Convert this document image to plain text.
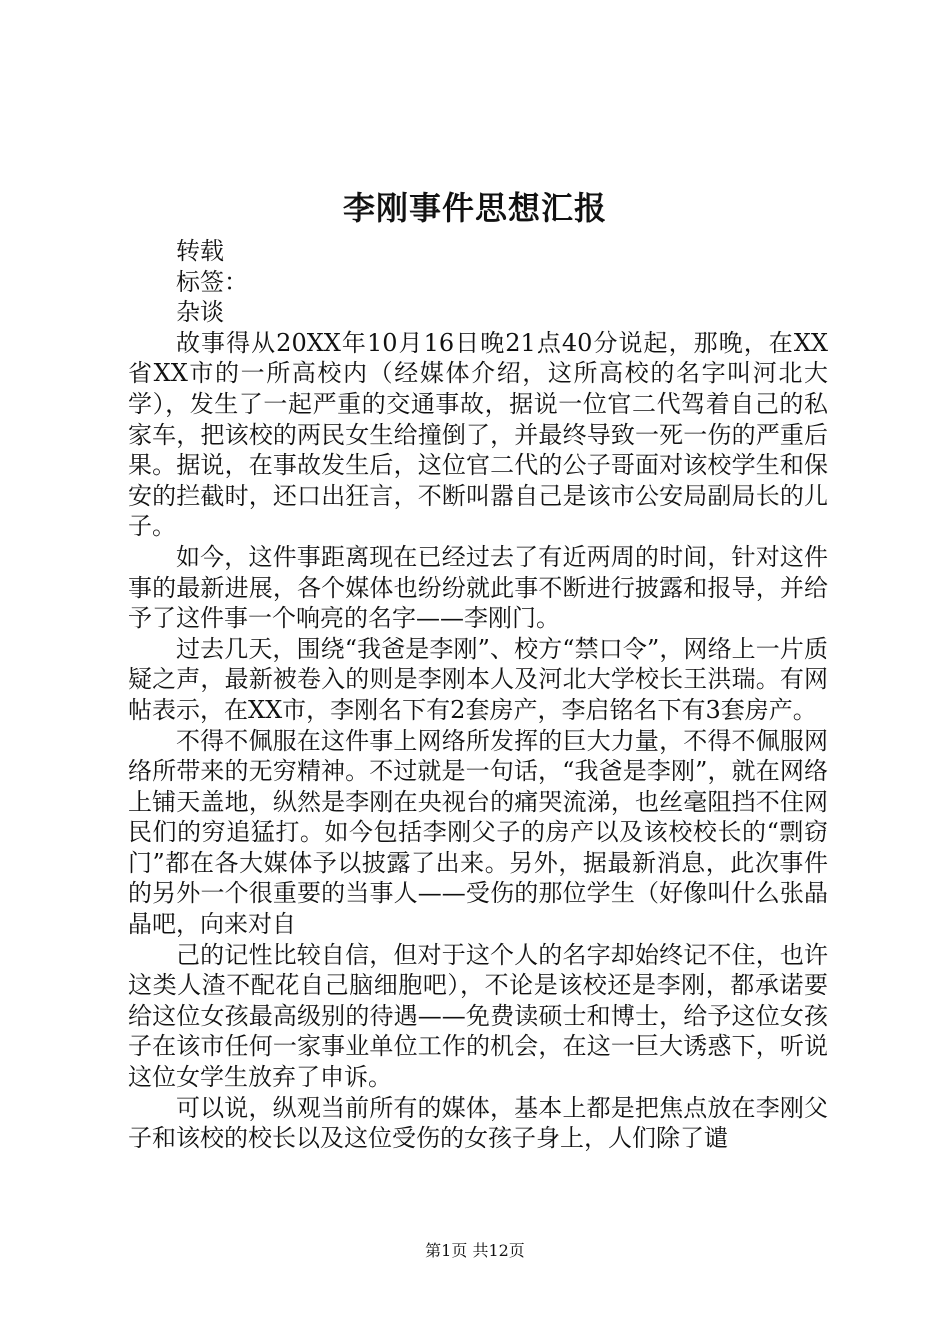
李刚事件思想汇报

转载

标签：

杂谈

故事得从20XX年10月16日晚21点40分说起，那晚，在XX省XX市的一所高校内（经媒体介绍，这所高校的名字叫河北大学），发生了一起严重的交通事故，据说一位官二代驾着自己的私家车，把该校的两民女生给撞倒了，并最终导致一死一伤的严重后果。据说，在事故发生后，这位官二代的公子哥面对该校学生和保安的拦截时，还口出狂言，不断叫嚣自己是该市公安局副局长的儿子。

如今，这件事距离现在已经过去了有近两周的时间，针对这件事的最新进展，各个媒体也纷纷就此事不断进行披露和报导，并给予了这件事一个响亮的名字——李刚门。

过去几天，围绕“我爸是李刚”、校方“禁口令”，网络上一片质疑之声，最新被卷入的则是李刚本人及河北大学校长王洪瑞。有网帖表示，在XX市，李刚名下有2套房产，李启铭名下有3套房产。

不得不佩服在这件事上网络所发挥的巨大力量，不得不佩服网络所带来的无穷精神。不过就是一句话，“我爸是李刚”，就在网络上铺天盖地，纵然是李刚在央视台的痛哭流涕，也丝毫阻挡不住网民们的穷追猛打。如今包括李刚父子的房产以及该校校长的“剽窃门”都在各大媒体予以披露了出来。另外，据最新消息，此次事件的另外一个很重要的当事人——受伤的那位学生（好像叫什么张晶晶吧，向来对自

己的记性比较自信，但对于这个人的名字却始终记不住，也许这类人渣不配花自己脑细胞吧），不论是该校还是李刚，都承诺要给这位女孩最高级别的待遇——免费读硕士和博士，给予这位女孩子在该市任何一家事业单位工作的机会，在这一巨大诱惑下，听说这位女学生放弃了申诉。

可以说，纵观当前所有的媒体，基本上都是把焦点放在李刚父子和该校的校长以及这位受伤的女孩子身上，人们除了谴

第1页 共12页
